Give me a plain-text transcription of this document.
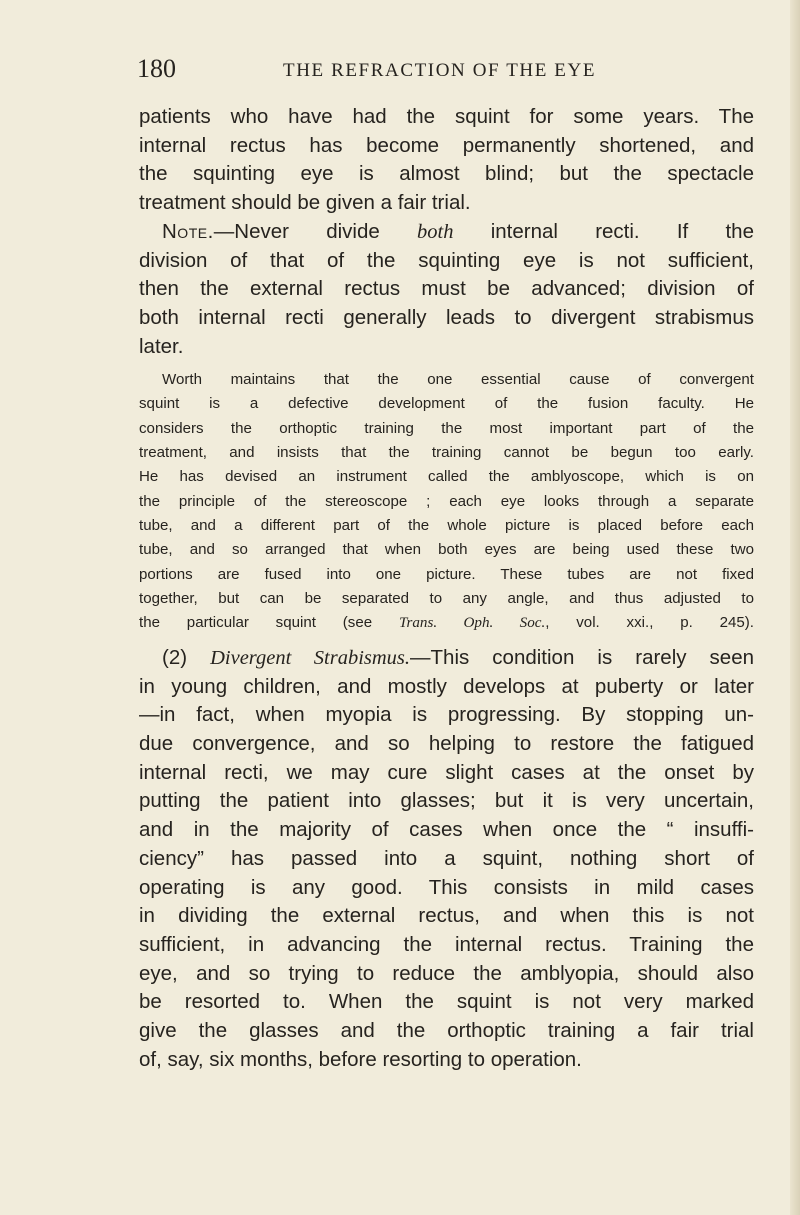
180	THE REFRACTION OF THE EYE
patients who have had the squint for some years. The
internal rectus has become permanently shortened, and
the squinting eye is almost blind; but the spectacle
treatment should be given a fair trial.
Note.—Never divide both internal recti. If the
division of that of the squinting eye is not sufficient,
then the external rectus must be advanced; division of
both internal recti generally leads to divergent strabismus
later.
Worth maintains that the one essential cause of convergent
squint is a defective development of the fusion faculty. He
considers the orthoptic training the most important part of the
treatment, and insists that the training cannot be begun too early.
He has devised an instrument called the amblyoscope, which is on
the principle of the stereoscope ; each eye looks through a separate
tube, and a different part of the whole picture is placed before each
tube, and so arranged that when both eyes are being used these two
portions are fused into one picture. These tubes are not fixed
together, but can be separated to any angle, and thus adjusted to
the particular squint (see Trans. Oph. Soc., vol. xxi., p. 245).
(2) Divergent Strabismus.—This condition is rarely seen
in young children, and mostly develops at puberty or later
—in fact, when myopia is progressing. By stopping un-
due convergence, and so helping to restore the fatigued
internal recti, we may cure slight cases at the onset by
putting the patient into glasses; but it is very uncertain,
and in the majority of cases when once the “ insuffi-
ciency” has passed into a squint, nothing short of
operating is any good. This consists in mild cases
in dividing the external rectus, and when this is not
sufficient, in advancing the internal rectus. Training the
eye, and so trying to reduce the amblyopia, should also
be resorted to. When the squint is not very marked
give the glasses and the orthoptic training a fair trial
of, say, six months, before resorting to operation.
